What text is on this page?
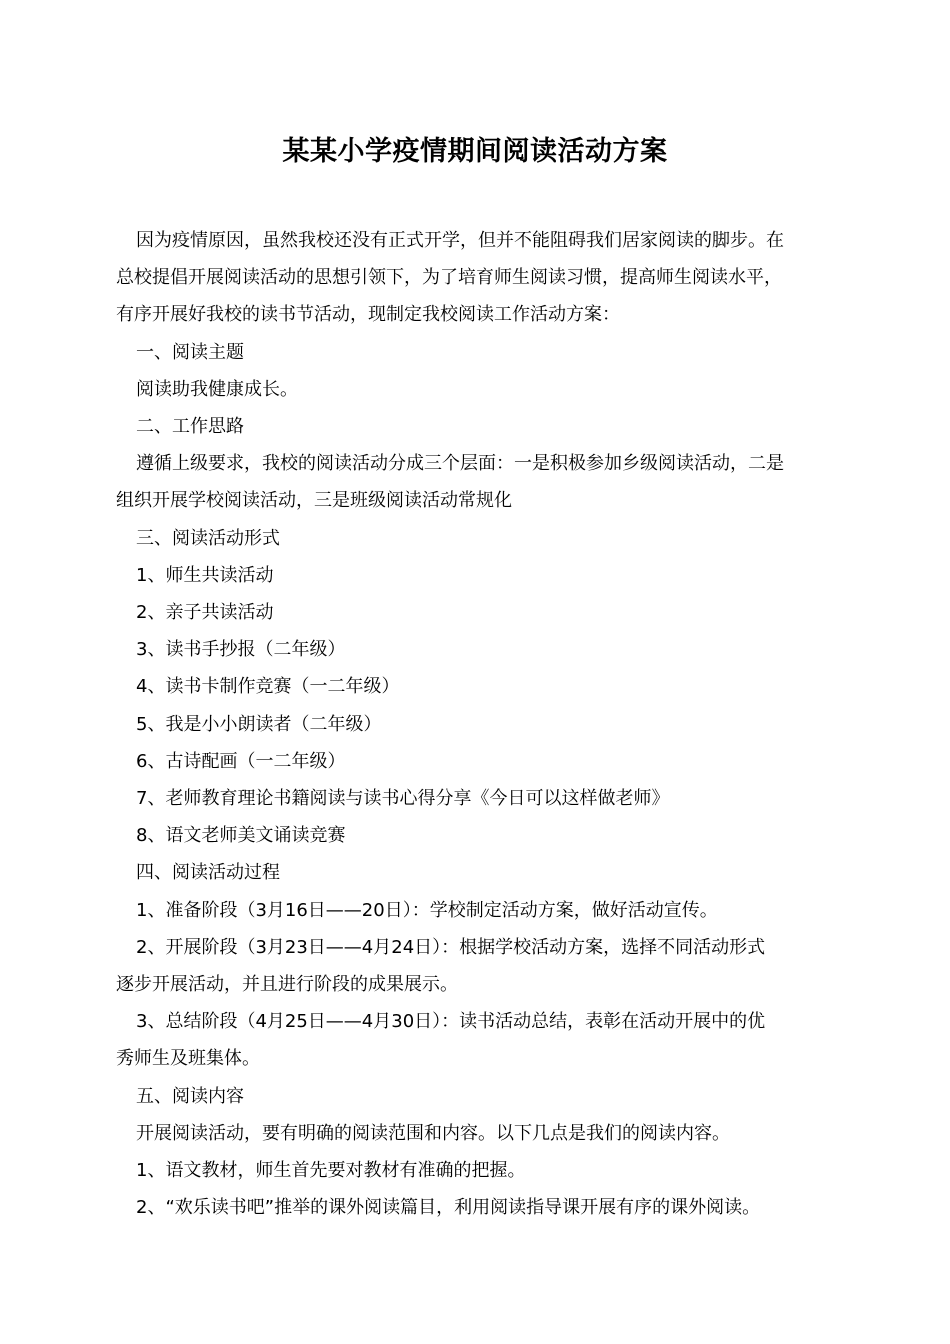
某某小学疫情期间阅读活动方案

因为疫情原因，虽然我校还没有正式开学，但并不能阻碍我们居家阅读的脚步。在

总校提倡开展阅读活动的思想引领下，为了培育师生阅读习惯，提高师生阅读水平，

有序开展好我校的读书节活动，现制定我校阅读工作活动方案：

一、阅读主题

阅读助我健康成长。

二、工作思路

遵循上级要求，我校的阅读活动分成三个层面：一是积极参加乡级阅读活动，二是

组织开展学校阅读活动，三是班级阅读活动常规化

三、阅读活动形式

1、师生共读活动

2、亲子共读活动

3、读书手抄报（二年级）

4、读书卡制作竞赛（一二年级）

5、我是小小朗读者（二年级）

6、古诗配画（一二年级）

7、老师教育理论书籍阅读与读书心得分享《今日可以这样做老师》

8、语文老师美文诵读竞赛

四、阅读活动过程

1、准备阶段（3月16日——20日）：学校制定活动方案，做好活动宣传。

2、开展阶段（3月23日——4月24日）：根据学校活动方案，选择不同活动形式

逐步开展活动，并且进行阶段的成果展示。

3、总结阶段（4月25日——4月30日）：读书活动总结，表彰在活动开展中的优

秀师生及班集体。

五、阅读内容

开展阅读活动，要有明确的阅读范围和内容。以下几点是我们的阅读内容。

1、语文教材，师生首先要对教材有准确的把握。

2、“欢乐读书吧”推举的课外阅读篇目，利用阅读指导课开展有序的课外阅读。
